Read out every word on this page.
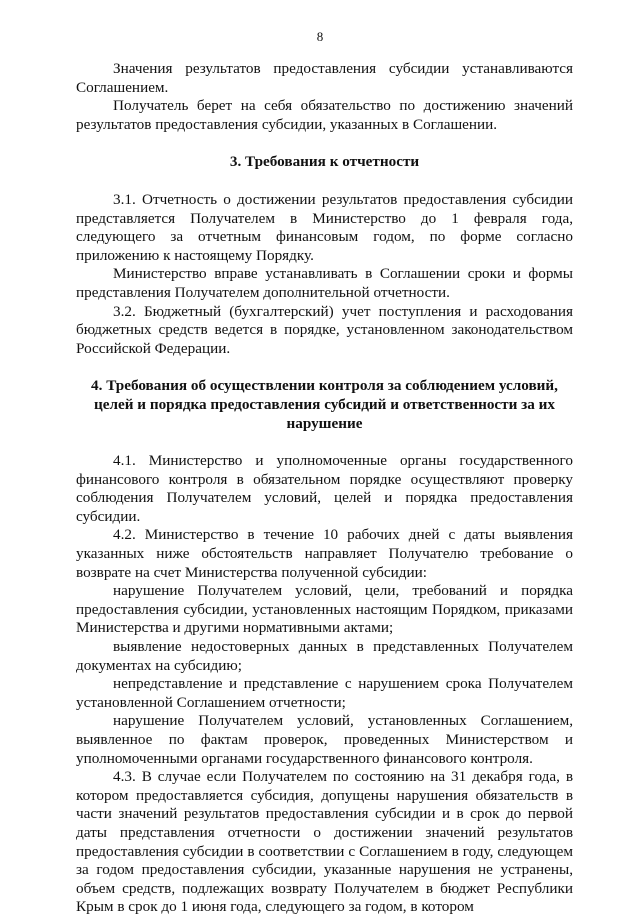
8
Значения результатов предоставления субсидии устанавливаются Соглашением.
Получатель берет на себя обязательство по достижению значений результатов предоставления субсидии, указанных в Соглашении.
3. Требования к отчетности
3.1. Отчетность о достижении результатов предоставления субсидии представляется Получателем в Министерство до 1 февраля года, следующего за отчетным финансовым годом, по форме согласно приложению к настоящему Порядку.
Министерство вправе устанавливать в Соглашении сроки и формы представления Получателем дополнительной отчетности.
3.2. Бюджетный (бухгалтерский) учет поступления и расходования бюджетных средств ведется в порядке, установленном законодательством Российской Федерации.
4. Требования об осуществлении контроля за соблюдением условий, целей и порядка предоставления субсидий и ответственности за их нарушение
4.1. Министерство и уполномоченные органы государственного финансового контроля в обязательном порядке осуществляют проверку соблюдения Получателем условий, целей и порядка предоставления субсидии.
4.2. Министерство в течение 10 рабочих дней с даты выявления указанных ниже обстоятельств направляет Получателю требование о возврате на счет Министерства полученной субсидии:
нарушение Получателем условий, цели, требований и порядка предоставления субсидии, установленных настоящим Порядком, приказами Министерства и другими нормативными актами;
выявление недостоверных данных в представленных Получателем документах на субсидию;
непредставление и представление с нарушением срока Получателем установленной Соглашением отчетности;
нарушение Получателем условий, установленных Соглашением, выявленное по фактам проверок, проведенных Министерством и уполномоченными органами государственного финансового контроля.
4.3. В случае если Получателем по состоянию на 31 декабря года, в котором предоставляется субсидия, допущены нарушения обязательств в части значений результатов предоставления субсидии и в срок до первой даты представления отчетности о достижении значений результатов предоставления субсидии в соответствии с Соглашением в году, следующем за годом предоставления субсидии, указанные нарушения не устранены, объем средств, подлежащих возврату Получателем в бюджет Республики Крым в срок до 1 июня года, следующего за годом, в котором
